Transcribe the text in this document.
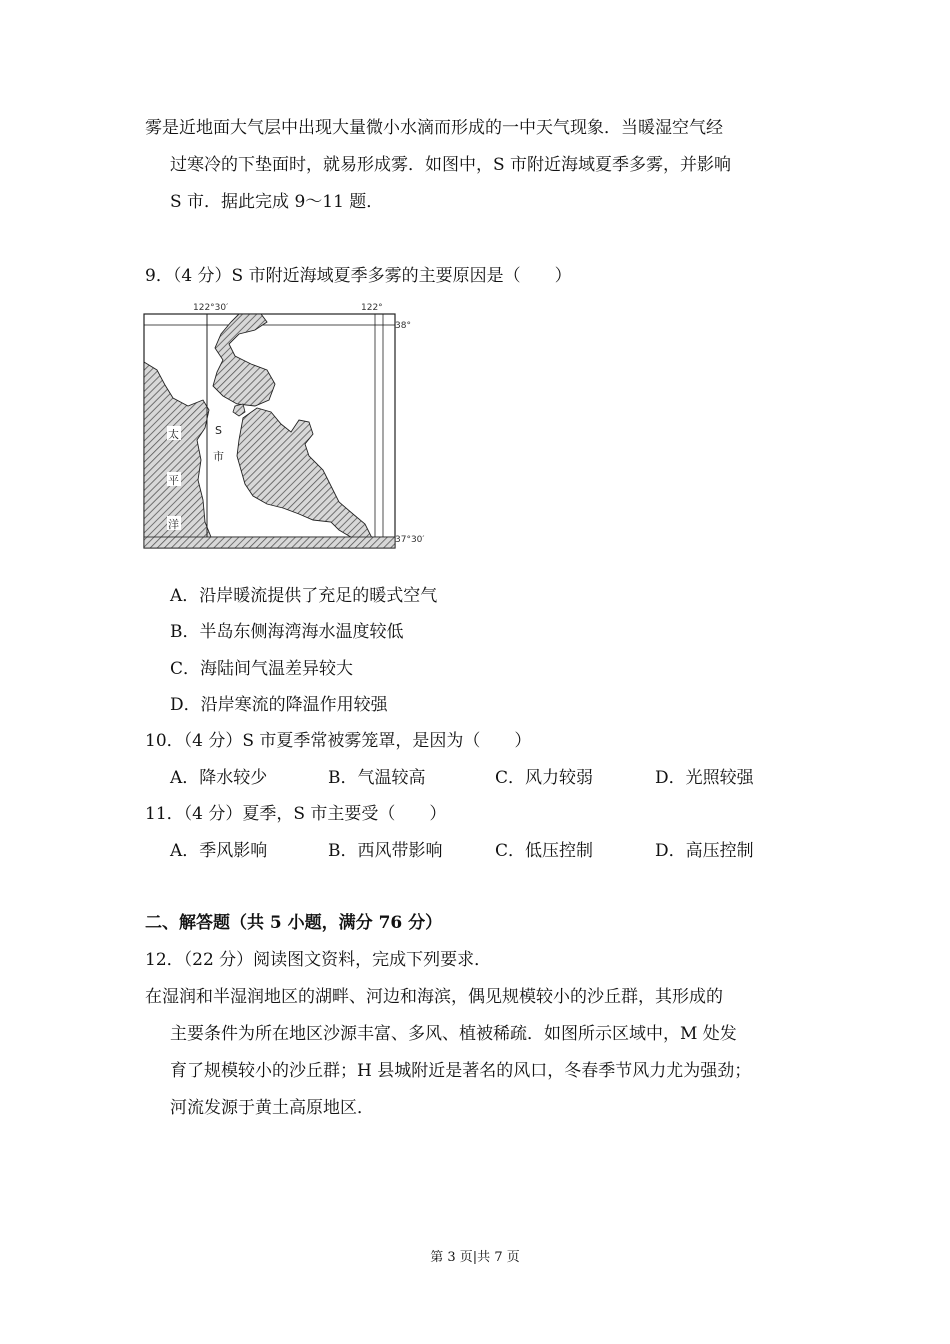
雾是近地面大气层中出现大量微小水滴而形成的一中天气现象．当暖湿空气经
过寒冷的下垫面时，就易形成雾．如图中，S 市附近海域夏季多雾，并影响
S 市．据此完成 9～11 题．
9．（4 分）S 市附近海域夏季多雾的主要原因是（　　）
122°30′	122°
38°
37°30′
太
平
洋
S
市
A．沿岸暖流提供了充足的暖式空气
B．半岛东侧海湾海水温度较低
C．海陆间气温差异较大
D．沿岸寒流的降温作用较强
10．（4 分）S 市夏季常被雾笼罩，是因为（　　）
A．降水较少	B．气温较高	C．风力较弱	D．光照较强
11．（4 分）夏季，S 市主要受（　　）
A．季风影响	B．西风带影响	C．低压控制	D．高压控制
二、解答题（共 5 小题，满分 76 分）
12．（22 分）阅读图文资料，完成下列要求．
在湿润和半湿润地区的湖畔、河边和海滨，偶见规模较小的沙丘群，其形成的
主要条件为所在地区沙源丰富、多风、植被稀疏．如图所示区域中，M 处发
育了规模较小的沙丘群；H 县城附近是著名的风口，冬春季节风力尤为强劲；
河流发源于黄土高原地区．
第 3 页|共 7 页
